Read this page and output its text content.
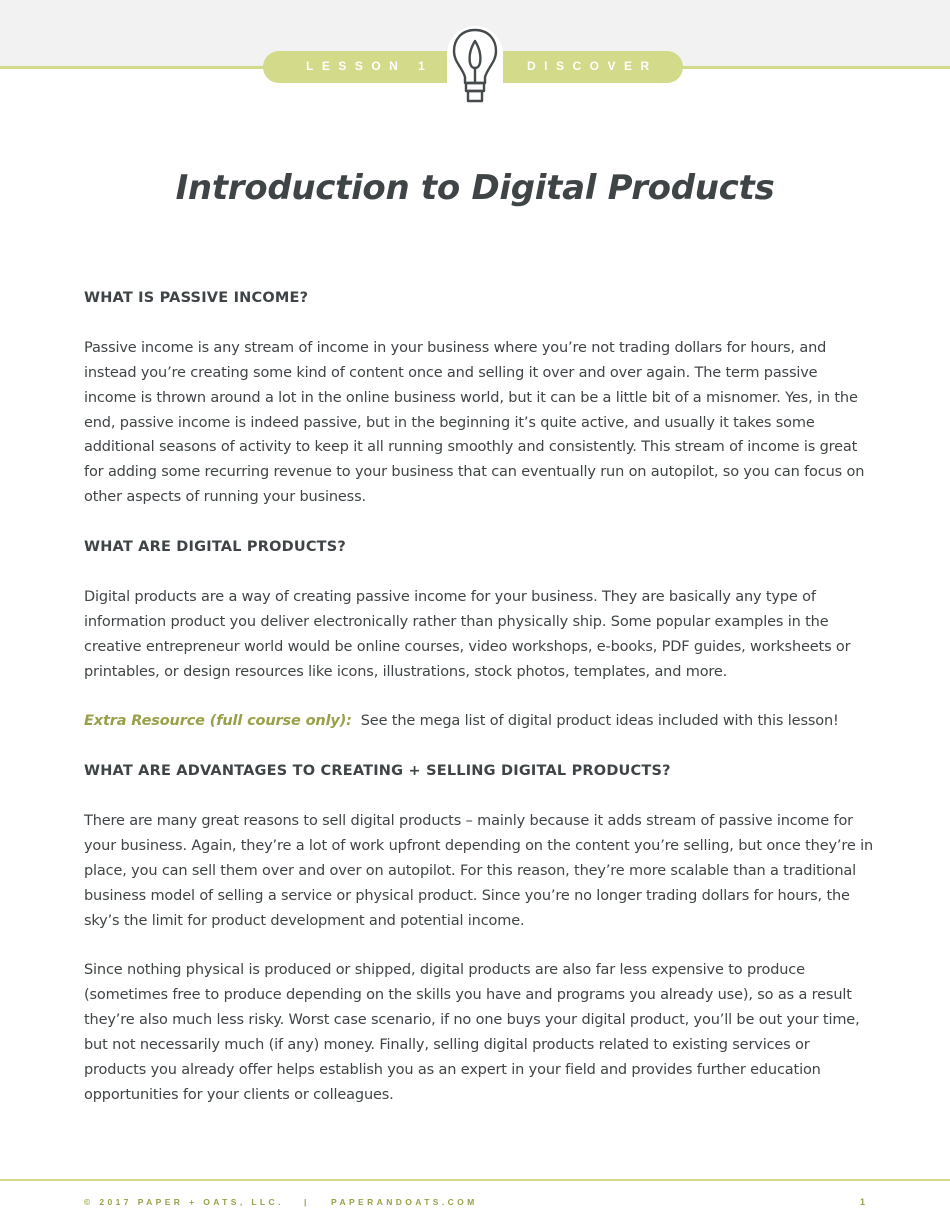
LESSON 1	DISCOVER
Introduction to Digital Products
WHAT IS PASSIVE INCOME?

Passive income is any stream of income in your business where you’re not trading dollars for hours, and instead you’re creating some kind of content once and selling it over and over again. The term passive income is thrown around a lot in the online business world, but it can be a little bit of a misnomer. Yes, in the end, passive income is indeed passive, but in the beginning it’s quite active, and usually it takes some additional seasons of activity to keep it all running smoothly and consistently. This stream of income is great for adding some recurring revenue to your business that can eventually run on autopilot, so you can focus on other aspects of running your business.

WHAT ARE DIGITAL PRODUCTS?

Digital products are a way of creating passive income for your business. They are basically any type of information product you deliver electronically rather than physically ship. Some popular examples in the creative entrepreneur world would be online courses, video workshops, e-books, PDF guides, worksheets or printables, or design resources like icons, illustrations, stock photos, templates, and more.

Extra Resource (full course only): See the mega list of digital product ideas included with this lesson!

WHAT ARE ADVANTAGES TO CREATING + SELLING DIGITAL PRODUCTS?

There are many great reasons to sell digital products – mainly because it adds stream of passive income for your business. Again, they’re a lot of work upfront depending on the content you’re selling, but once they’re in place, you can sell them over and over on autopilot. For this reason, they’re more scalable than a traditional business model of selling a service or physical product. Since you’re no longer trading dollars for hours, the sky’s the limit for product development and potential income.

Since nothing physical is produced or shipped, digital products are also far less expensive to produce (sometimes free to produce depending on the skills you have and programs you already use), so as a result they’re also much less risky. Worst case scenario, if no one buys your digital product, you’ll be out your time, but not necessarily much (if any) money. Finally, selling digital products related to existing services or products you already offer helps establish you as an expert in your field and provides further education opportunities for your clients or colleagues.

© 2017 PAPER + OATS, LLC. |	PAPERANDOATS.COM	1
